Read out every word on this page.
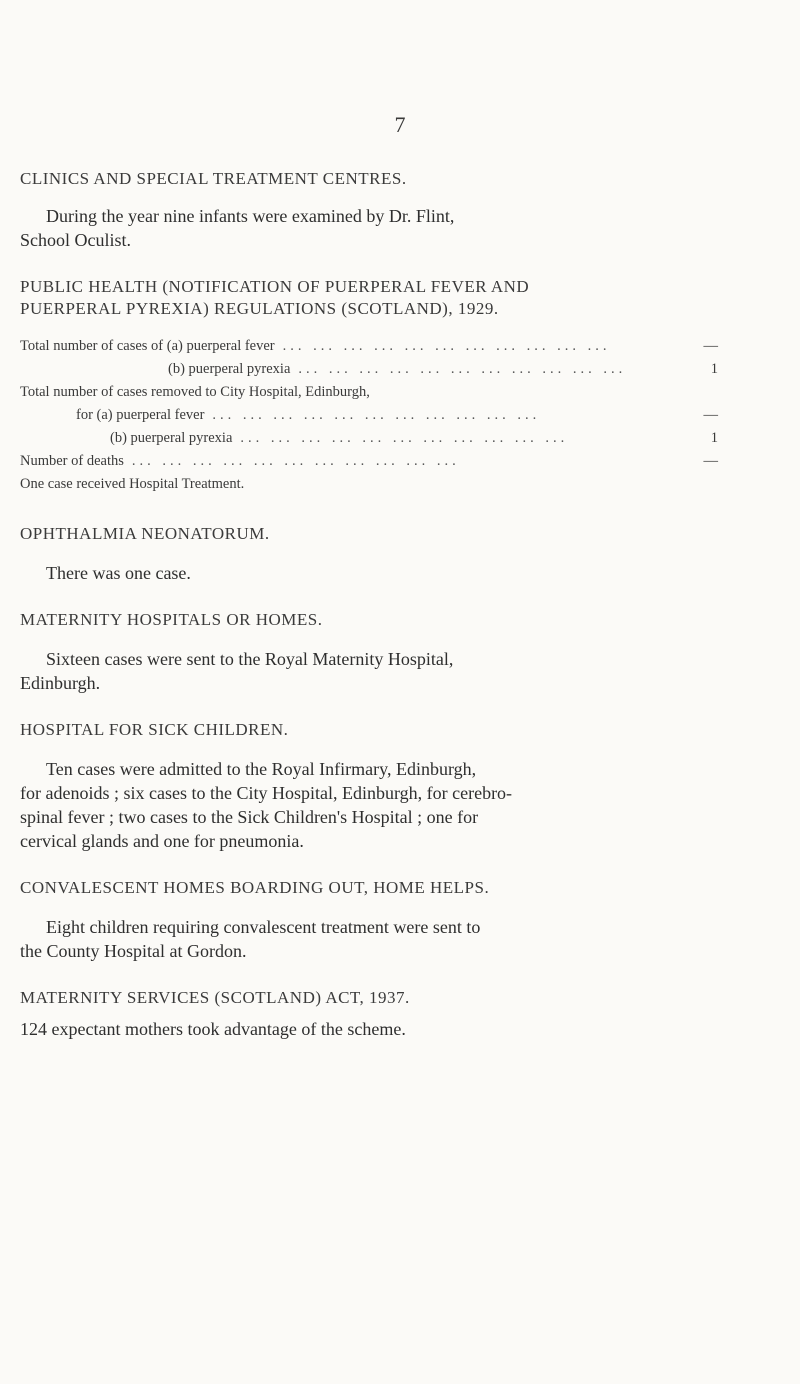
7

CLINICS AND SPECIAL TREATMENT CENTRES.

During the year nine infants were examined by Dr. Flint,

School Oculist.

PUBLIC HEALTH (NOTIFICATION OF PUERPERAL FEVER AND

PUERPERAL PYREXIA) REGULATIONS (SCOTLAND), 1929.

Total number of cases of (a) puerperal fever ... .	—
(b) puerperal pyrexia ... .	1
Total number of cases removed to City Hospital, Edinburgh,
for (a) puerperal fever ... .	—
(b) puerperal pyrexia ... .	1
Number of deaths ... .	—
One case received Hospital Treatment.

OPHTHALMIA NEONATORUM.

There was one case.

MATERNITY HOSPITALS OR HOMES.

Sixteen cases were sent to the Royal Maternity Hospital,

Edinburgh.

HOSPITAL FOR SICK CHILDREN.

Ten cases were admitted to the Royal Infirmary, Edinburgh,

for adenoids ; six cases to the City Hospital, Edinburgh, for cerebro-

spinal fever ; two cases to the Sick Children's Hospital ; one for

cervical glands and one for pneumonia.

CONVALESCENT HOMES BOARDING OUT, HOME HELPS.

Eight children requiring convalescent treatment were sent to

the County Hospital at Gordon.

MATERNITY SERVICES (SCOTLAND) ACT, 1937.

124 expectant mothers took advantage of the scheme.
